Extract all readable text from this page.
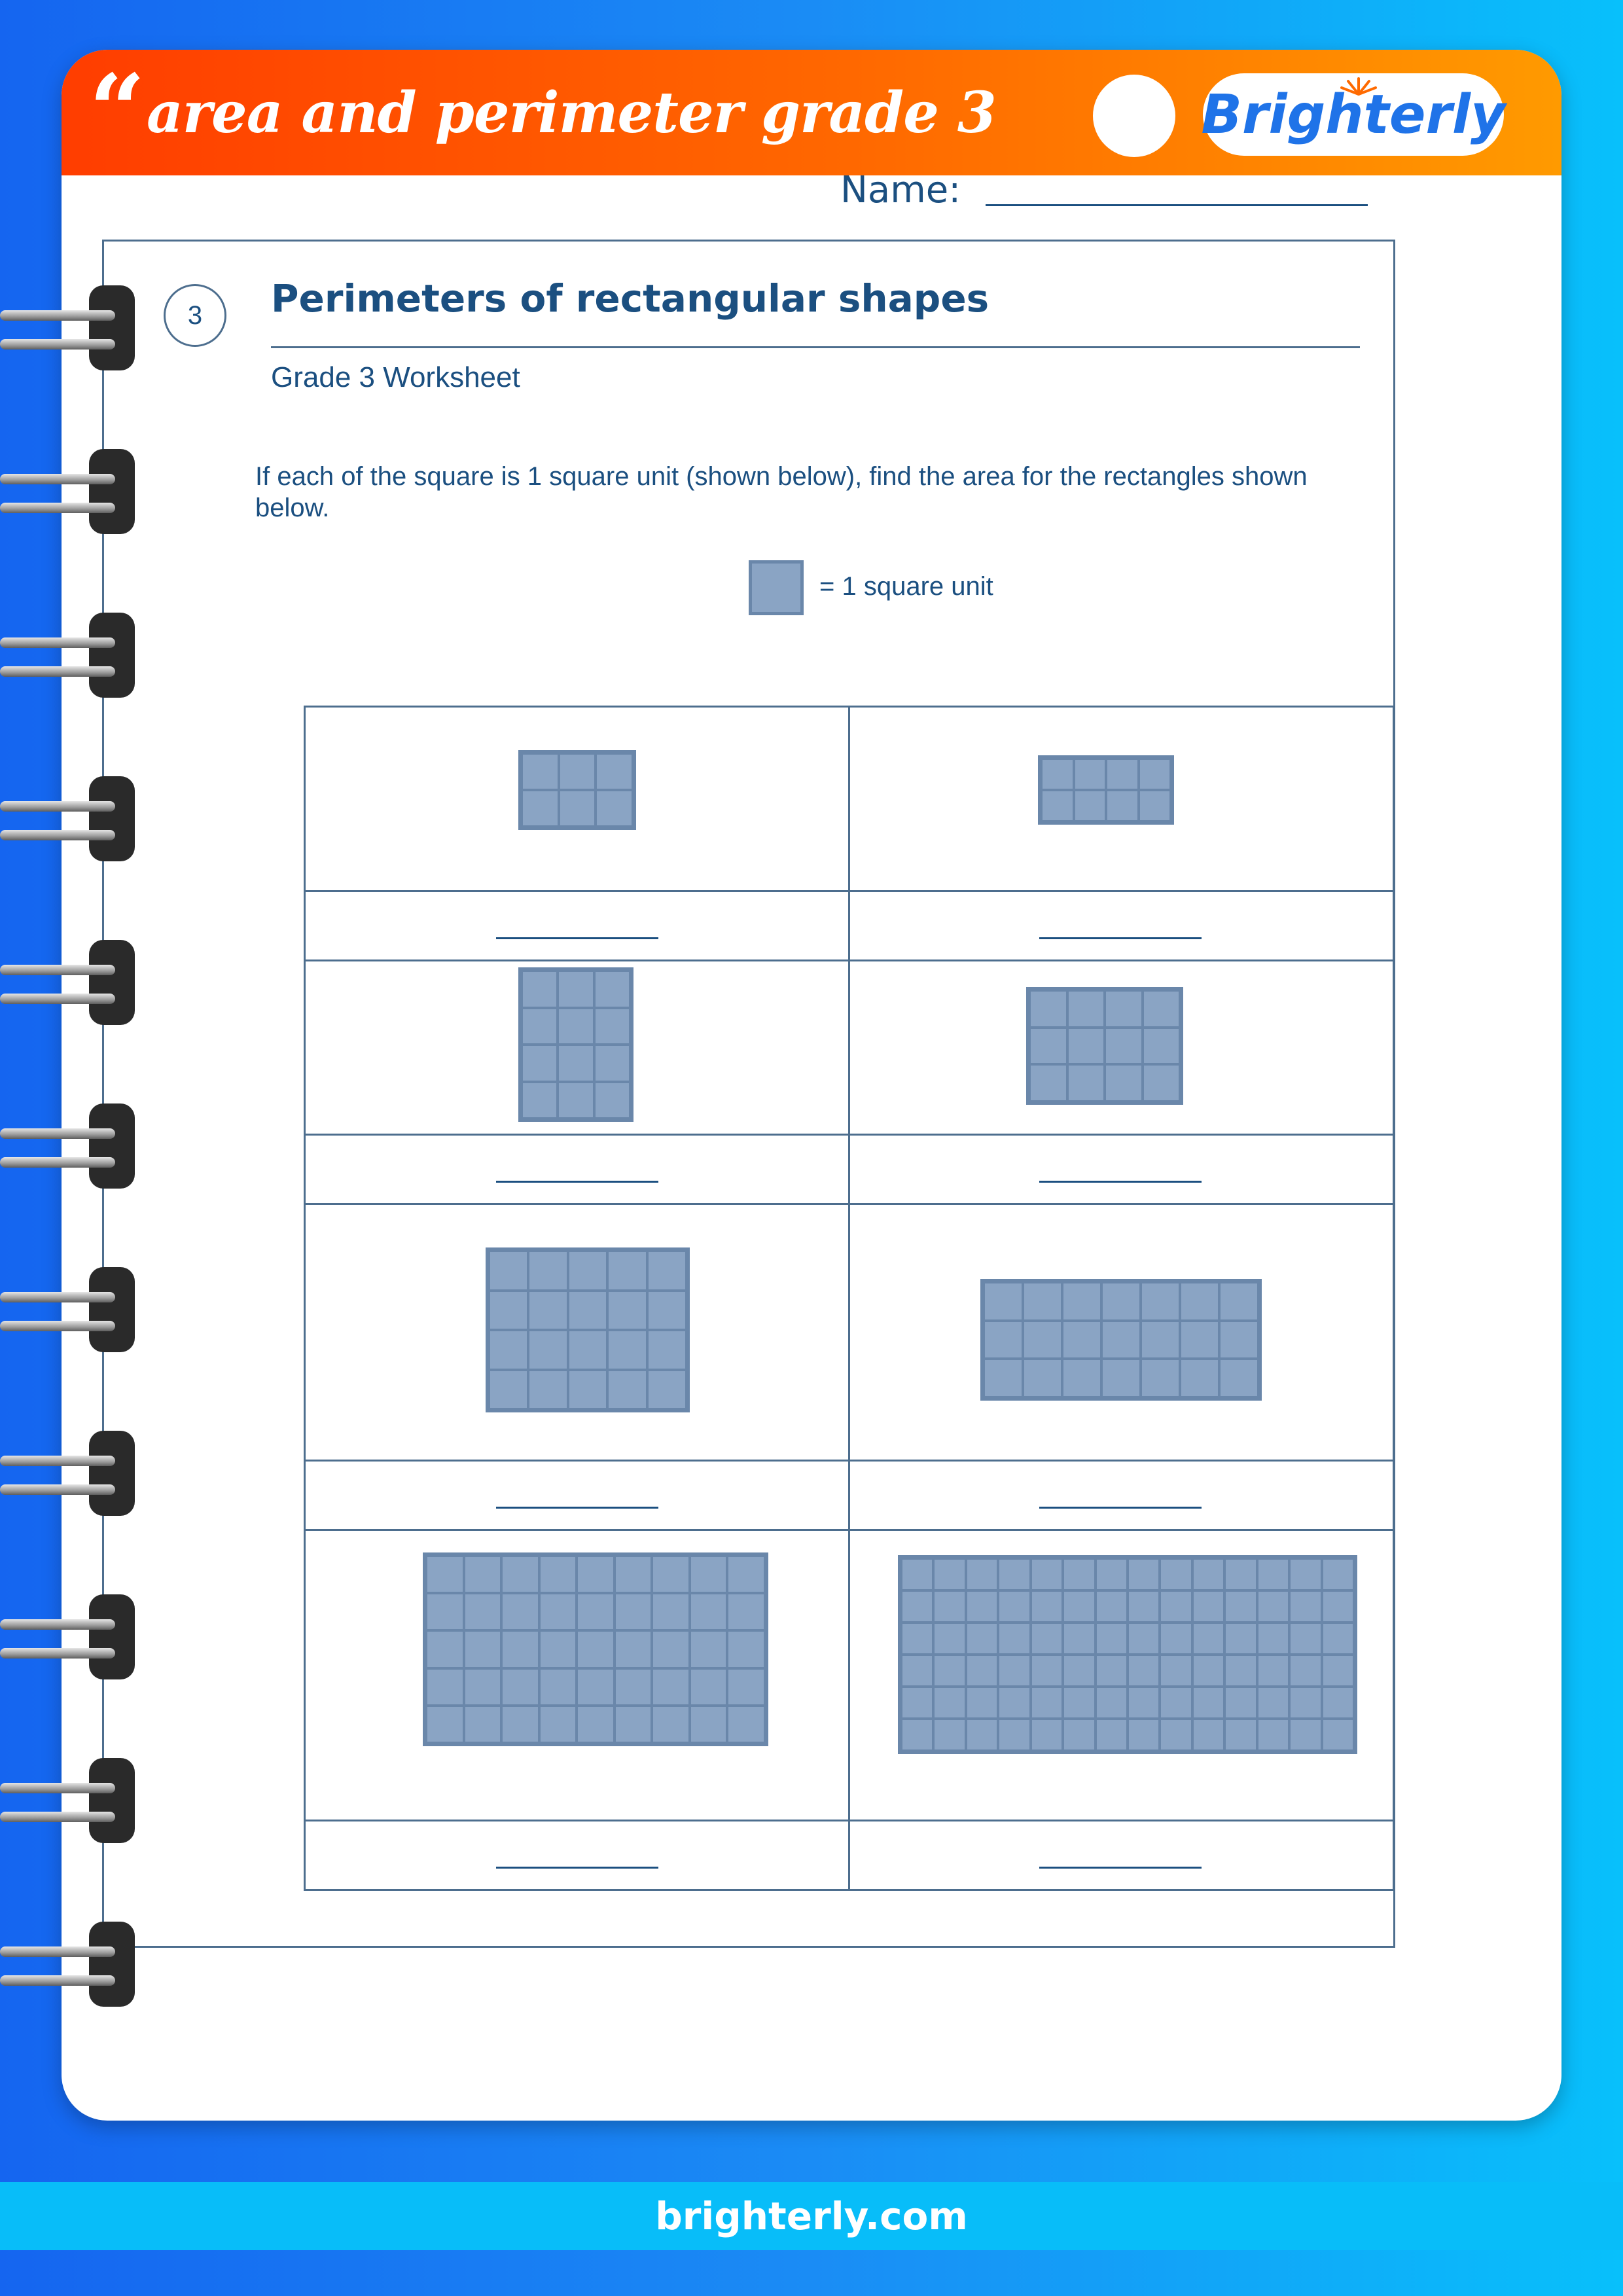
“ area and perimeter grade 3	Brighterly
Name:
3	Perimeters of rectangular shapes
Grade 3 Worksheet
If each of the square is 1 square unit (shown below), find the area for the rectangles shown below.
= 1 square unit
brighterly.com
